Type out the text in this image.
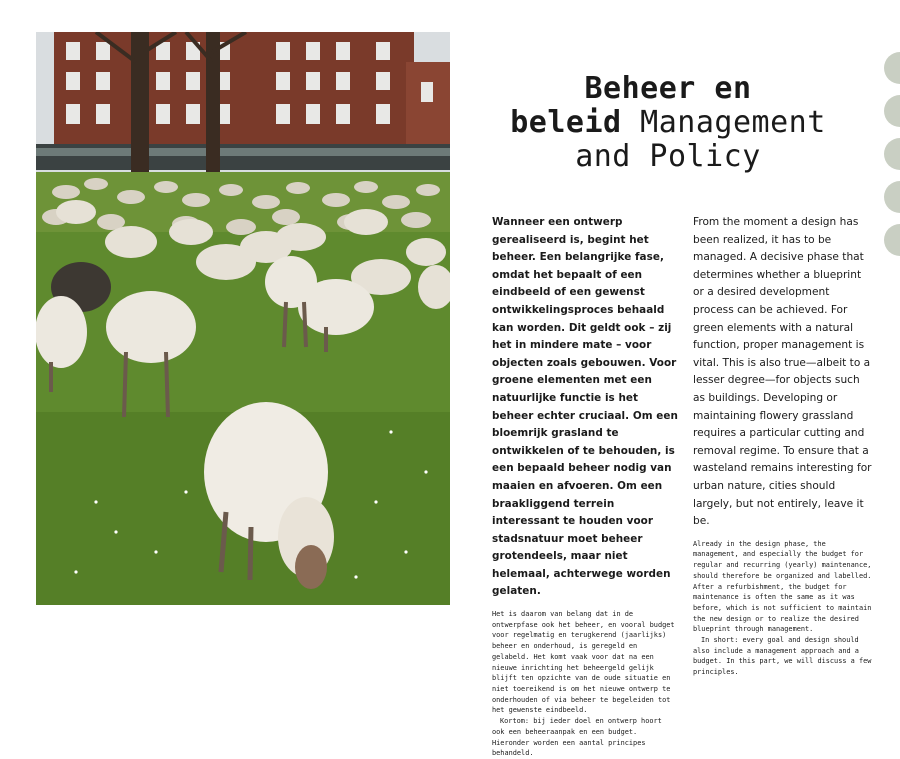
Beheer en
beleid Management
and Policy

Wanneer een ontwerp gerealiseerd is, begint het beheer. Een belangrijke fase, omdat het bepaalt of een eindbeeld of een gewenst ontwikkelingsproces behaald kan worden. Dit geldt ook – zij het in mindere mate – voor objecten zoals gebouwen. Voor groene elementen met een natuurlijke functie is het beheer echter cruciaal. Om een bloemrijk grasland te ontwikkelen of te behouden, is een bepaald beheer nodig van maaien en afvoeren. Om een braakliggend terrein interessant te houden voor stadsnatuur moet beheer grotendeels, maar niet helemaal, achterwege worden gelaten.

Het is daarom van belang dat in de ontwerpfase ook het beheer, en vooral budget voor regelmatig en terugkerend (jaarlijks) beheer en onderhoud, is geregeld en gelabeld. Het komt vaak voor dat na een nieuwe inrichting het beheergeld gelijk blijft ten opzichte van de oude situatie en niet toereikend is om het nieuwe ontwerp te onderhouden of via beheer te begeleiden tot het gewenste eindbeeld.

Kortom: bij ieder doel en ontwerp hoort ook een beheeraanpak en een budget. Hieronder worden een aantal principes behandeld.

From the moment a design has been realized, it has to be managed. A decisive phase that determines whether a blueprint or a desired development process can be achieved. For green elements with a natural function, proper management is vital. This is also true—albeit to a lesser degree—for objects such as buildings. Developing or maintaining flowery grassland requires a particular cutting and removal regime. To ensure that a wasteland remains interesting for urban nature, cities should largely, but not entirely, leave it be.

Already in the design phase, the management, and especially the budget for regular and recurring (yearly) maintenance, should therefore be organized and labelled. After a refurbishment, the budget for maintenance is often the same as it was before, which is not sufficient to maintain the new design or to realize the desired blueprint through management.

In short: every goal and design should also include a management approach and a budget. In this part, we will discuss a few principles.
